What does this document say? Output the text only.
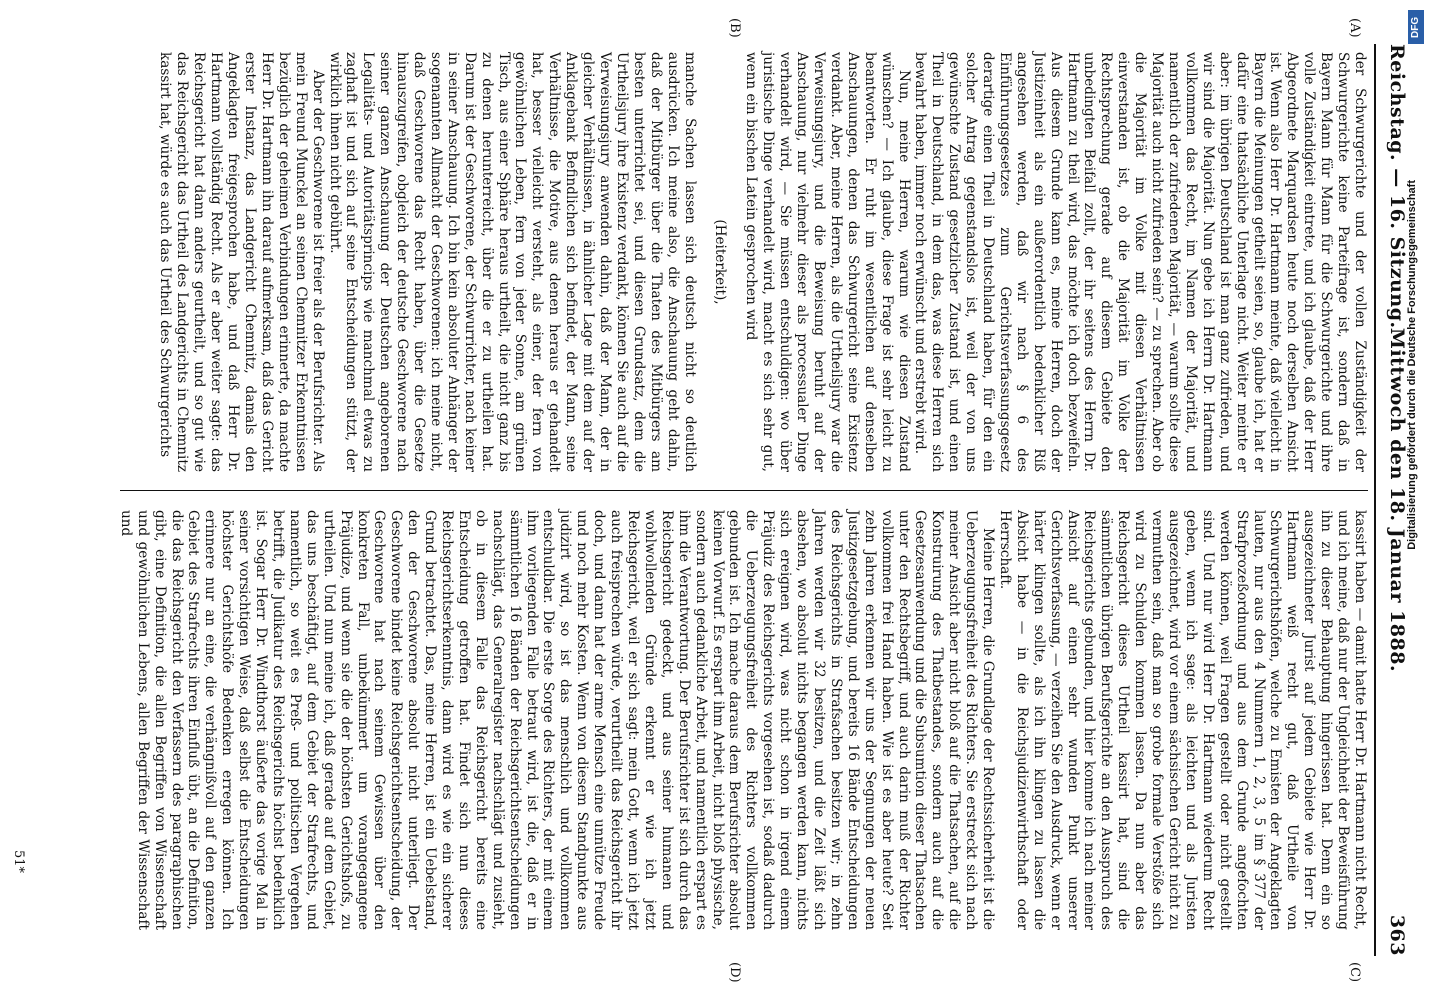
Reichstag. — 16. Sitzung.
Mittwoch den 18. Januar 1888.
363
(A)
(B)
(C)
(D)

der Schwurgerichte und der vollen Zuständigkeit der Schwurgerichte keine Parteifrage ist, sondern daß in Bayern Mann für Mann für die Schwurgerichte und ihre volle Zuständigkeit eintrete, und ich glaube, daß der Herr Abgeordnete Marquardsen heute noch derselben Ansicht ist. Wenn also Herr Dr. Hartmann meinte, daß vielleicht in Bayern die Meinungen getheilt seien, so, glaube ich, hat er dafür eine thatsächliche Unterlage nicht. Weiter meinte er aber: im übrigen Deutschland ist man ganz zufrieden, und wir sind die Majorität. Nun gebe ich Herrn Dr. Hartmann vollkommen das Recht, im Namen der Majorität, und namentlich der zufriedenen Majorität, — warum sollte diese Majorität auch nicht zufrieden sein? — zu sprechen. Aber ob die Majorität im Volke mit diesen Verhältnissen einverstanden ist, ob die Majorität im Volke der Rechtsprechung gerade auf diesem Gebiete den unbedingten Beifall zollt, der ihr seitens des Herrn Dr. Hartmann zu theil wird, das möchte ich doch bezweifeln. Aus diesem Grunde kann es, meine Herren, doch der Justizeinheit als ein außerordentlich bedenklicher Riß angesehen werden, daß wir nach § 6 des Einführungsgesetzes zum Gerichtsverfassungsgesetz derartige einen Theil in Deutschland haben, für den ein solcher Antrag gegenstandslos ist, weil der von uns gewünschte Zustand gesetzlicher Zustand ist, und einen Theil in Deutschland, in dem das, was diese Herren sich bewahrt haben, immer noch erwünscht und erstrebt wird.

Nun, meine Herren, warum wie diesen Zustand wünschen? — Ich glaube, diese Frage ist sehr leicht zu beantworten. Er ruht im wesentlichen auf denselben Anschauungen, denen das Schwurgericht seine Existenz verdankt. Aber, meine Herren, als die Urtheilsjury war die Verweisungsjury, und die Beweisung beruht auf der Anschauung, nur vielmehr dieser als processualer Dinge verhandelt wird, — Sie müssen entschuldigen: wo über juristische Dinge verhandelt wird, macht es sich sehr gut, wenn ein bischen Latein gesprochen wird

(Heiterkeit),

manche Sachen lassen sich deutsch nicht so deutlich ausdrücken. Ich meine also, die Anschauung geht dahin, daß der Mitbürger über die Thaten des Mitbürgers am besten unterrichtet sei, und diesen Grundsatz, dem die Urtheilsjury ihre Existenz verdankt, können Sie auch auf die Verweisungsjury anwenden dahin, daß der Mann, der in gleicher Verhältnissen, in ähnlicher Lage mit dem auf der Anklagebank Befindlichen sich befindet, der Mann, seine Verhältnisse, die Motive, aus denen heraus er gehandelt hat, besser vielleicht versteht, als einer, der fern von gewöhnlichen Leben, fern von jeder Sonne, am grünen Tisch, aus einer Sphäre heraus urtheilt, die nicht ganz bis zu denen herunterreicht, über die er zu urtheilen hat. Darum ist der Geschworene, der Schwurrichter, nach keiner in seiner Anschauung. Ich bin kein absoluter Anhänger der sogenannten Allmacht der Geschworenen: ich meine nicht, daß Geschworene das Recht haben, über die Gesetze hinauszugreifen, obgleich der deutsche Geschworene nach seiner ganzen Anschauung der Deutschen angeborenen Legalitäts- und Autoritätsprincips wie manchmal etwas zu zaghaft ist und sich auf seine Entscheidungen stützt, der wirklich ihnen nicht gebührt.

Aber der Geschworene ist freier als der Berufsrichter. Als mein Freund Munckel an seinen Chemnitzer Erkenntnissen bezüglich der geheimen Verbindungen erinnerte, da machte Herr Dr. Hartmann ihn darauf aufmerksam, daß das Gericht erster Instanz, das Landgericht Chemnitz, damals den Angeklagten freigesprochen habe, und daß Herr Dr. Hartmann vollständig Recht. Als er aber weiter sagte: das Reichsgericht hat dann anders geurtheilt, und so gut wie das Reichsgericht das Urtheil des Landgerichts in Chemnitz kassirt hat, würde es auch das Urtheil des Schwurgerichts

kassirt haben — damit hatte Herr Dr. Hartmann nicht Recht, und ich meine, daß nur der Ungleichheit der Beweisführung ihn zu dieser Behauptung hingerissen hat. Denn ein so ausgezeichneter Jurist auf jedem Gebiete wie Herr Dr. Hartmann weiß recht gut, daß Urtheile von Schwurgerichtshöfen, welche zu Emisten der Angeklagten lauten, nur aus den 4 Nummern 1, 2, 3, 5 im § 377 der Strafprozeßordnung und aus dem Grunde angefochten werden können, weil Fragen gestellt oder nicht gestellt sind. Und nur wird Herr Dr. Hartmann wiederum Recht geben, wenn ich sage: als leichten und als Juristen ausgezeichnet, wird vor einem sächsischen Gericht nicht zu vermuthen sein, daß man so grobe formale Verstöße sich wird zu Schulden kommen lassen. Da nun aber das Reichsgericht dieses Urtheil kassirt hat, sind die sämmtlichen übrigen Berufsgerichte an den Ausspruch des Reichsgerichts gebunden, und hier komme ich nach meiner Ansicht auf einen sehr wunden Punkt unserer Gerichtsverfassung, — verzeihen Sie den Ausdruck, wenn er härter klingen sollte, als ich ihn klingen zu lassen die Absicht habe — in die Reichsjudizienwirthschaft oder Herrschaft.

Meine Herren, die Grundlage der Rechtssicherheit ist die Ueberzeugungsfreiheit des Richters. Sie erstreckt sich nach meiner Ansicht aber nicht bloß auf die Thatsachen, auf die Konstruirung des Thatbestandes, sondern auch auf die Gesetzesanwendung und die Subsumtion dieser Thatsachen unter den Rechtsbegriff, und auch darin muß der Richter vollkommen frei Hand haben. Wie ist es aber heute? Seit zehn Jahren erkennen wir uns der Segnungen der neuen Justizgesetzgebung, und bereits 16 Bände Entscheidungen des Reichsgerichts in Strafsachen besitzen wir; in zehn Jahren werden wir 32 besitzen, und die Zeit läßt sich absehen, wo absolut nichts begangen werden kann, nichts sich ereignen wird, was nicht schon in irgend einem Präjudiz des Reichsgerichts vorgesehen ist, sodaß dadurch die Ueberzeugungsfreiheit des Richters vollkommen gebunden ist. Ich mache daraus dem Berufsrichter absolut keinen Vorwurf. Es erspart ihm Arbeit, nicht bloß physische, sondern auch gedankliche Arbeit, und namentlich erspart es ihm die Verantwortung. Der Berufsrichter ist sich durch das Reichsgericht gedeckt, und aus seiner humanen und wohlwollenden Gründe erkennt er wie ich jetzt Reichsgericht, weil er sich sagt: mein Gott, wenn ich jetzt auch freisprechen würde, verurtheilt das Reichsgericht ihr doch, und dann hat der arme Mensch eine unnütze Freude und noch mehr Kosten. Wenn von diesem Standpunkte aus judizirt wird, so ist das menschlich und vollkommen entschuldbar. Die erste Sorge des Richters, der mit einem ihm vorliegenden Falle betraut wird, ist die, daß er in sämmtlichen 16 Bänden der Reichsgerichtsentscheidungen nachschlägt, das Generalregister nachschlägt und zusieht, ob in diesem Falle das Reichsgericht bereits eine Entscheidung getroffen hat. Findet sich nun dieses Reichsgerichtserkenntnis, dann wird es wie ein sicherer Grund betrachtet. Das, meine Herren, ist ein Uebelstand, den der Geschworene absolut nicht unterliegt. Der Geschworene bindet keine Reichsgerichtsentscheidung, der Geschworene hat nach seinem Gewissen über den konkreten Fall, unbekümmert um vorangegangene Präjudize, und wenn sie die der höchsten Gerichtshofs, zu urtheilen. Und nun meine ich, daß gerade auf dem Gebiet, das uns beschäftigt, auf dem Gebiet der Strafrechts, und namentlich, so weit es Preß- und politischen Vergehen betrifft, die Judikatur des Reichsgerichts höchst bedenklich ist. Sogar Herr Dr. Windthorst äußerte das vorige Mal in seiner vorsichtigen Weise, daß selbst die Entscheidungen höchster Gerichtshöfe Bedenken erregen können. Ich erinnere nur an eine, die verhängnißvoll auf den ganzen Gebiet des Strafrechts ihren Einfluß übt, an die Definition, die das Reichsgericht den Verfassern des paragraphischen gibt, eine Definition, die allen Begriffen von Wissenschaft und gewöhnlichen Lebens, allen Begriffen der Wissenschaft und

51*
DFG
Digitalisierung gefördert durch die Deutsche Forschungsgemeinschaft
